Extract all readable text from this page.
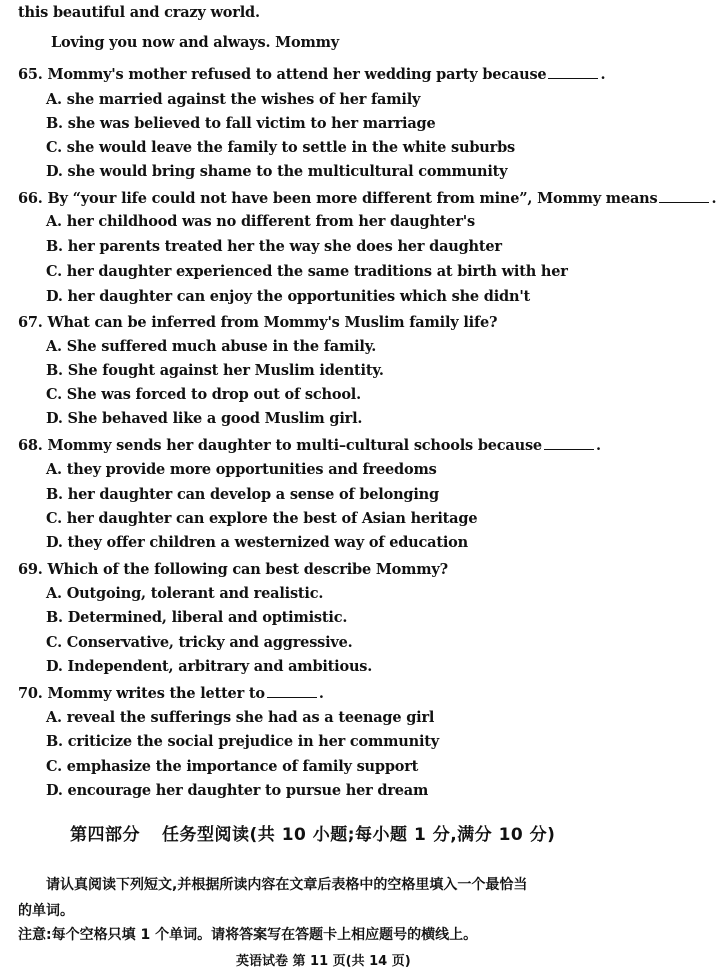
this beautiful and crazy world.
Loving you now and always. Mommy
65. Mommy's mother refused to attend her wedding party because	.
A. she married against the wishes of her family
B. she was believed to fall victim to her marriage
C. she would leave the family to settle in the white suburbs
D. she would bring shame to the multicultural community
66. By “your life could not have been more different from mine”, Mommy means	.
A. her childhood was no different from her daughter's
B. her parents treated her the way she does her daughter
C. her daughter experienced the same traditions at birth with her
D. her daughter can enjoy the opportunities which she didn't
67. What can be inferred from Mommy's Muslim family life?
A. She suffered much abuse in the family.
B. She fought against her Muslim identity.
C. She was forced to drop out of school.
D. She behaved like a good Muslim girl.
68. Mommy sends her daughter to multi–cultural schools because	.
A. they provide more opportunities and freedoms
B. her daughter can develop a sense of belonging
C. her daughter can explore the best of Asian heritage
D. they offer children a westernized way of education
69. Which of the following can best describe Mommy?
A. Outgoing, tolerant and realistic.
B. Determined, liberal and optimistic.
C. Conservative, tricky and aggressive.
D. Independent, arbitrary and ambitious.
70. Mommy writes the letter to	.
A. reveal the sufferings she had as a teenage girl
B. criticize the social prejudice in her community
C. emphasize the importance of family support
D. encourage her daughter to pursue her dream
第四部分 任务型阅读(共 10 小题;每小题 1 分,满分 10 分)
请认真阅读下列短文,并根据所读内容在文章后表格中的空格里填入一个最恰当
的单词。
注意:每个空格只填 1 个单词。请将答案写在答题卡上相应题号的横线上。
英语试卷 第 11 页(共 14 页)
